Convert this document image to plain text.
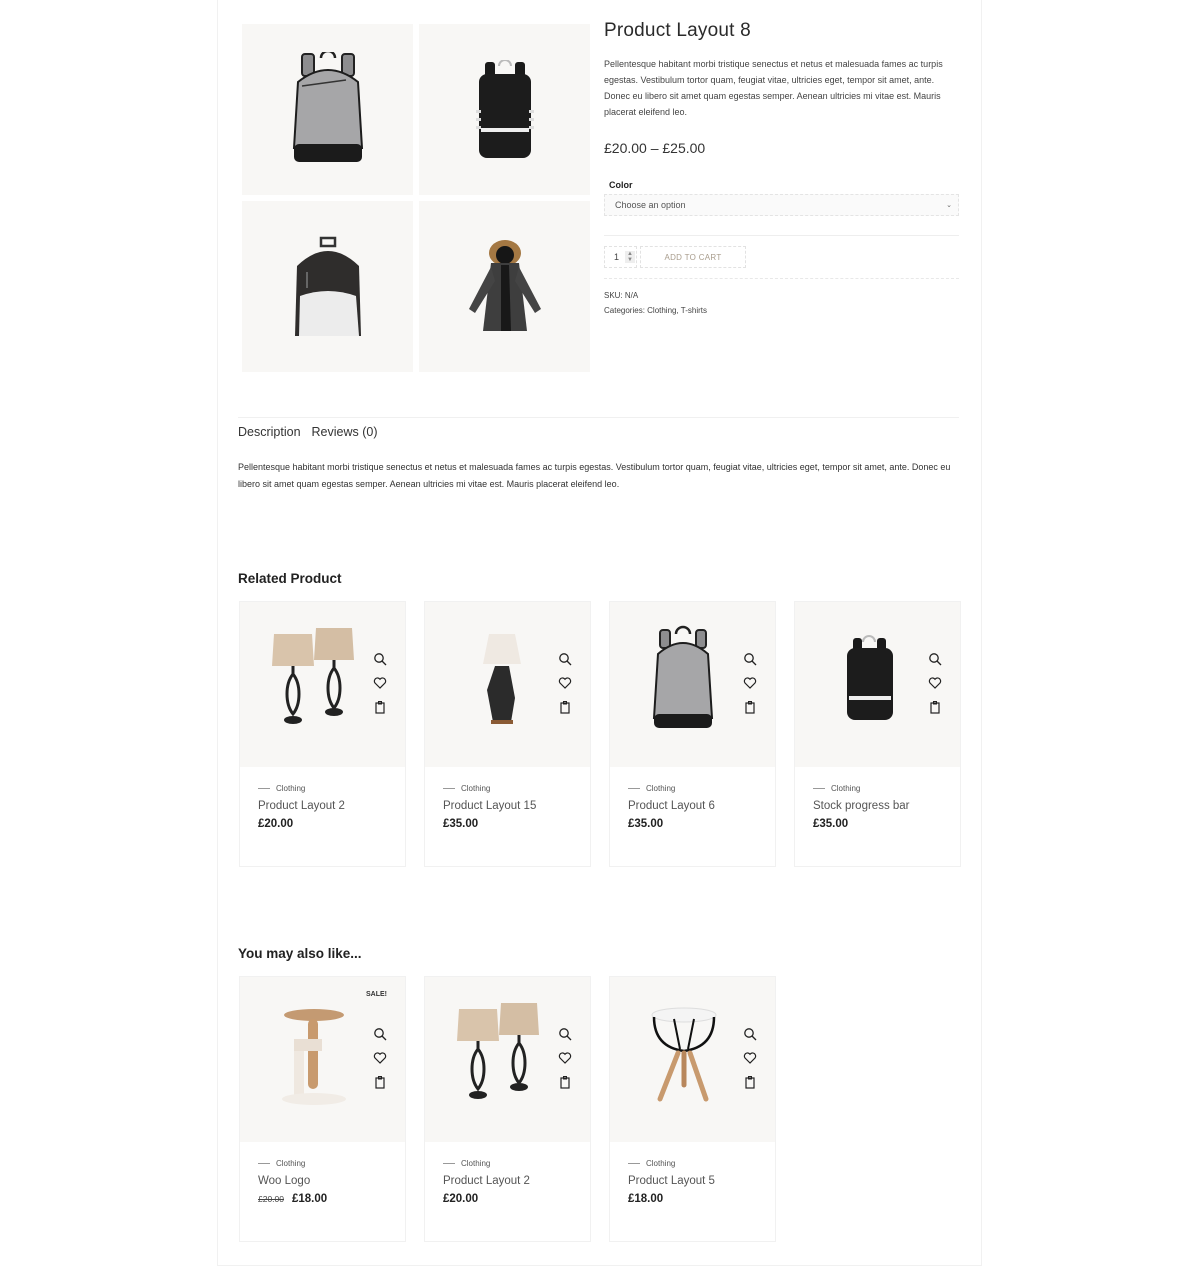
Product Layout 8

Pellentesque habitant morbi tristique senectus et netus et malesuada fames ac turpis egestas. Vestibulum tortor quam, feugiat vitae, ultricies eget, tempor sit amet, ante. Donec eu libero sit amet quam egestas semper. Aenean ultricies mi vitae est. Mauris placerat eleifend leo.

£20.00 – £25.00
Color
Choose an option	⌄
1	▲
▼	ADD TO CART
SKU: N/A
Categories: Clothing, T-shirts
Description Reviews (0)

Pellentesque habitant morbi tristique senectus et netus et malesuada fames ac turpis egestas. Vestibulum tortor quam, feugiat vitae, ultricies eget, tempor sit amet, ante. Donec eu libero sit amet quam egestas semper. Aenean ultricies mi vitae est. Mauris placerat eleifend leo.

Related Product
Clothing
Product Layout 2
£20.00
Clothing
Product Layout 15
£35.00
Clothing
Product Layout 6
£35.00
Clothing
Stock progress bar
£35.00
You may also like...
SALE!
Clothing
Woo Logo
£20.00 £18.00
Clothing
Product Layout 2
£20.00
Clothing
Product Layout 5
£18.00
